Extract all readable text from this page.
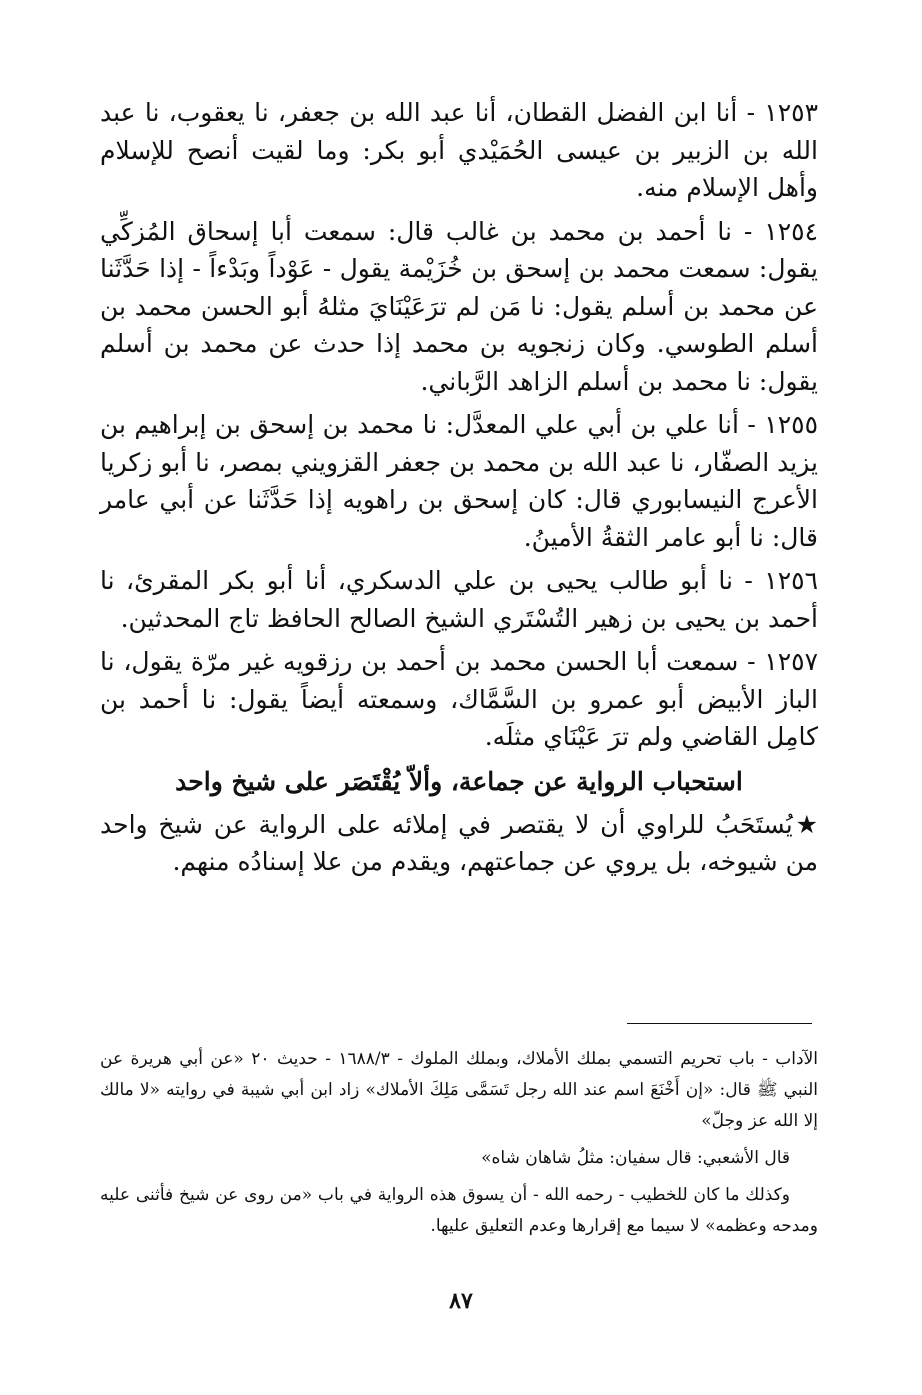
١٢٥٣ - أنا ابن الفضل القطان، أنا عبد الله بن جعفر، نا يعقوب، نا عبد الله بن الزبير بن عيسى الحُمَيْدي أبو بكر: وما لقيت أنصح للإسلام وأهل الإسلام منه.

١٢٥٤ - نا أحمد بن محمد بن غالب قال: سمعت أبا إسحاق المُزكِّي يقول: سمعت محمد بن إسحق بن خُزَيْمة يقول - عَوْداً وبَدْءاً - إذا حَدَّثَنا عن محمد بن أسلم يقول: نا مَن لم ترَعَيْنَايَ مثلهُ أبو الحسن محمد بن أسلم الطوسي. وكان زنجويه بن محمد إذا حدث عن محمد بن أسلم يقول: نا محمد بن أسلم الزاهد الرَّباني.

١٢٥٥ - أنا علي بن أبي علي المعدَّل: نا محمد بن إسحق بن إبراهيم بن يزيد الصفّار، نا عبد الله بن محمد بن جعفر القزويني بمصر، نا أبو زكريا الأعرج النيسابوري قال: كان إسحق بن راهويه إذا حَدَّثَنا عن أبي عامر قال: نا أبو عامر الثقةُ الأمينُ.

١٢٥٦ - نا أبو طالب يحيى بن علي الدسكري، أنا أبو بكر المقرئ، نا أحمد بن يحيى بن زهير التُسْتَري الشيخ الصالح الحافظ تاج المحدثين.

١٢٥٧ - سمعت أبا الحسن محمد بن أحمد بن رزقويه غير مرّة يقول، نا الباز الأبيض أبو عمرو بن السَّمَّاك، وسمعته أيضاً يقول: نا أحمد بن كامِل القاضي ولم ترَ عَيْنَاي مثلَه.

استحباب الرواية عن جماعة، وألاّ يُقْتَصَر على شيخ واحد

★يُستَحَبُ للراوي أن لا يقتصر في إملائه على الرواية عن شيخ واحد من شيوخه، بل يروي عن جماعتهم، ويقدم من علا إسنادُه منهم.

الآداب - باب تحريم التسمي بملك الأملاك، وبملك الملوك - ١٦٨٨/٣ - حديث ٢٠ «عن أبي هريرة عن النبي ﷺ قال: «إن أَخْنَعَ اسم عند الله رجل تَسَمَّى مَلِكَ الأملاك» زاد ابن أبي شيبة في روايته «لا مالك إلا الله عز وجلّ»

قال الأشعبي: قال سفيان: مثلُ شاهان شاه»

وكذلك ما كان للخطيب - رحمه الله - أن يسوق هذه الرواية في باب «من روى عن شيخ فأثنى عليه ومدحه وعظمه» لا سيما مع إقرارها وعدم التعليق عليها.

٨٧
